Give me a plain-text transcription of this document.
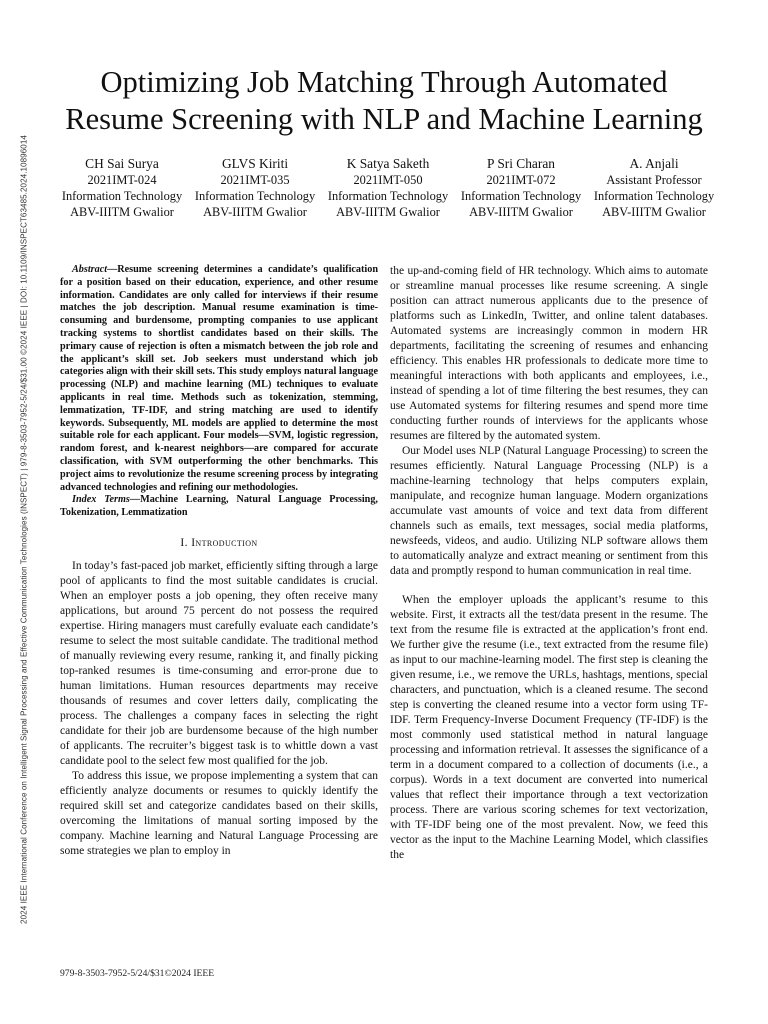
2024 IEEE International Conference on Intelligent Signal Processing and Effective Communication Technologies (INSPECT) | 979-8-3503-7952-5/24/$31.00 ©2024 IEEE | DOI: 10.1109/INSPECT63485.2024.10896014
Optimizing Job Matching Through Automated
Resume Screening with NLP and Machine Learning
CH Sai Surya
2021IMT-024
Information Technology
ABV-IIITM Gwalior
GLVS Kiriti
2021IMT-035
Information Technology
ABV-IIITM Gwalior
K Satya Saketh
2021IMT-050
Information Technology
ABV-IIITM Gwalior
P Sri Charan
2021IMT-072
Information Technology
ABV-IIITM Gwalior
A. Anjali
Assistant Professor
Information Technology
ABV-IIITM Gwalior

Abstract—Resume screening determines a candidate’s qualification for a position based on their education, experience, and other resume information. Candidates are only called for interviews if their resume matches the job description. Manual resume examination is time-consuming and burdensome, prompting companies to use applicant tracking systems to shortlist candidates based on their skills. The primary cause of rejection is often a mismatch between the job role and the applicant’s skill set. Job seekers must understand which job categories align with their skill sets. This study employs natural language processing (NLP) and machine learning (ML) techniques to evaluate applicants in real time. Methods such as tokenization, stemming, lemmatization, TF-IDF, and string matching are used to identify keywords. Subsequently, ML models are applied to determine the most suitable role for each applicant. Four models—SVM, logistic regression, random forest, and k-nearest neighbors—are compared for accurate classification, with SVM outperforming the other benchmarks. This project aims to revolutionize the resume screening process by integrating advanced technologies and refining our methodologies.

Index Terms—Machine Learning, Natural Language Processing, Tokenization, Lemmatization

I. Introduction

In today’s fast-paced job market, efficiently sifting through a large pool of applicants to find the most suitable candidates is crucial. When an employer posts a job opening, they often receive many applications, but around 75 percent do not possess the required expertise. Hiring managers must carefully evaluate each candidate’s resume to select the most suitable candidate. The traditional method of manually reviewing every resume, ranking it, and finally picking top-ranked resumes is time-consuming and error-prone due to human limitations. Human resources departments may receive thousands of resumes and cover letters daily, complicating the process. The challenges a company faces in selecting the right candidate for their job are burdensome because of the high number of applicants. The recruiter’s biggest task is to whittle down a vast candidate pool to the select few most qualified for the job.

To address this issue, we propose implementing a system that can efficiently analyze documents or resumes to quickly identify the required skill set and categorize candidates based on their skills, overcoming the limitations of manual sorting imposed by the company. Machine learning and Natural Language Processing are some strategies we plan to employ in

the up-and-coming field of HR technology. Which aims to automate or streamline manual processes like resume screening. A single position can attract numerous applicants due to the presence of platforms such as LinkedIn, Twitter, and online talent databases. Automated systems are increasingly common in modern HR departments, facilitating the screening of resumes and enhancing efficiency. This enables HR professionals to dedicate more time to meaningful interactions with both applicants and employees, i.e., instead of spending a lot of time filtering the best resumes, they can use Automated systems for filtering resumes and spend more time conducting further rounds of interviews for the applicants whose resumes are filtered by the automated system.

Our Model uses NLP (Natural Language Processing) to screen the resumes efficiently. Natural Language Processing (NLP) is a machine-learning technology that helps computers explain, manipulate, and recognize human language. Modern organizations accumulate vast amounts of voice and text data from different channels such as emails, text messages, social media platforms, newsfeeds, videos, and audio. Utilizing NLP software allows them to automatically analyze and extract meaning or sentiment from this data and promptly respond to human communication in real time.

When the employer uploads the applicant’s resume to this website. First, it extracts all the test/data present in the resume. The text from the resume file is extracted at the application’s front end. We further give the resume (i.e., text extracted from the resume file) as input to our machine-learning model. The first step is cleaning the given resume, i.e., we remove the URLs, hashtags, mentions, special characters, and punctuation, which is a cleaned resume. The second step is converting the cleaned resume into a vector form using TF-IDF. Term Frequency-Inverse Document Frequency (TF-IDF) is the most commonly used statistical method in natural language processing and information retrieval. It assesses the significance of a term in a document compared to a collection of documents (i.e., a corpus). Words in a text document are converted into numerical values that reflect their importance through a text vectorization process. There are various scoring schemes for text vectorization, with TF-IDF being one of the most prevalent. Now, we feed this vector as the input to the Machine Learning Model, which classifies the

979-8-3503-7952-5/24/$31©2024 IEEE
